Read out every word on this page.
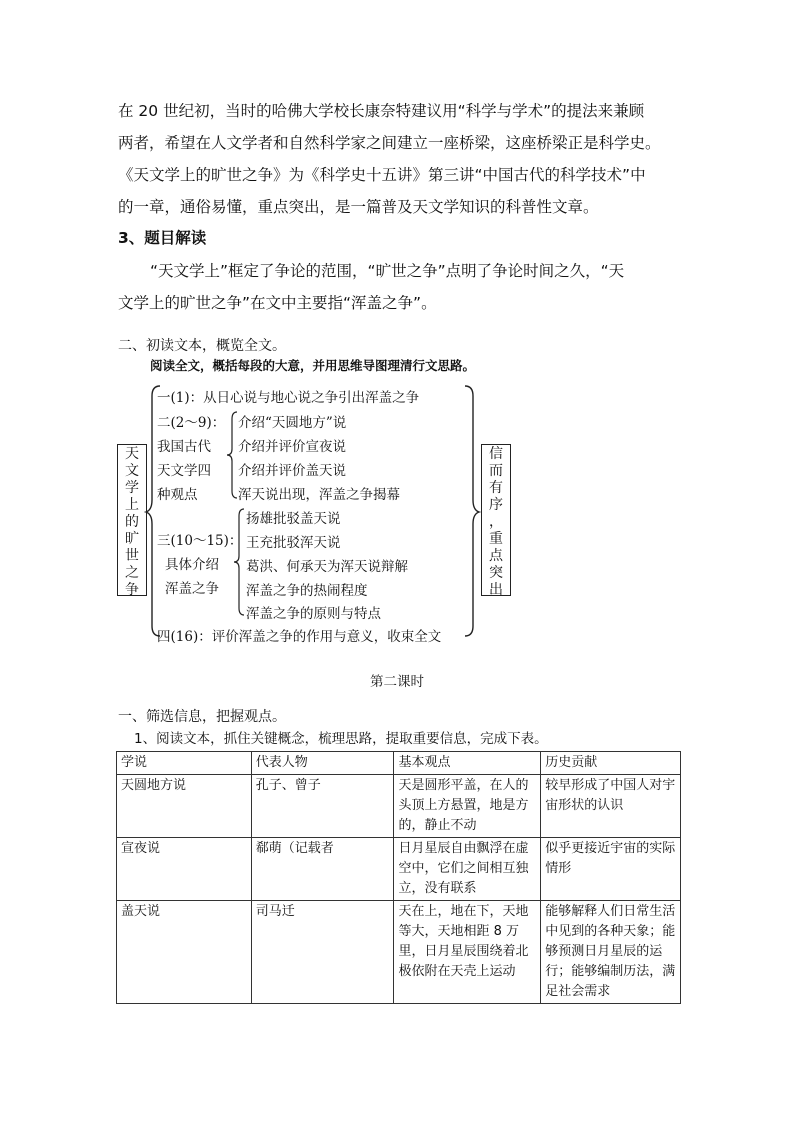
在 20 世纪初，当时的哈佛大学校长康奈特建议用“科学与学术”的提法来兼顾
两者，希望在人文学者和自然科学家之间建立一座桥梁，这座桥梁正是科学史。
《天文学上的旷世之争》为《科学史十五讲》第三讲“中国古代的科学技术”中
的一章，通俗易懂，重点突出，是一篇普及天文学知识的科普性文章。
3、题目解读
“天文学上”框定了争论的范围，“旷世之争”点明了争论时间之久，“天
文学上的旷世之争”在文中主要指“浑盖之争”。
二、初读文本，概览全文。
阅读全文，概括每段的大意，并用思维导图理清行文思路。
天
文
学
上
的
旷
世
之
争
信
而
有
序
，
重
点
突
出
一(1)：从日心说与地心说之争引出浑盖之争
二(2～9)：
我国古代
天文学四
种观点
介绍“天圆地方”说
介绍并评价宣夜说
介绍并评价盖天说
浑天说出现，浑盖之争揭幕
三(10～15)：
具体介绍
浑盖之争
扬雄批驳盖天说
王充批驳浑天说
葛洪、何承天为浑天说辩解
浑盖之争的热闹程度
浑盖之争的原则与特点
四(16)：评价浑盖之争的作用与意义，收束全文
第二课时
一、筛选信息，把握观点。
1、阅读文本，抓住关键概念，梳理思路，提取重要信息，完成下表。
学说	代表人物	基本观点	历史贡献
天圆地方说	孔子、曾子	天是圆形平盖，在人的头顶上方悬置，地是方的，静止不动	较早形成了中国人对宇宙形状的认识
宣夜说	郗萌（记载者	日月星辰自由飘浮在虚空中，它们之间相互独立，没有联系	似乎更接近宇宙的实际情形
盖天说	司马迁	天在上，地在下，天地等大，天地相距 8 万里，日月星辰围绕着北极依附在天壳上运动	能够解释人们日常生活中见到的各种天象；能够预测日月星辰的运行；能够编制历法，满足社会需求
